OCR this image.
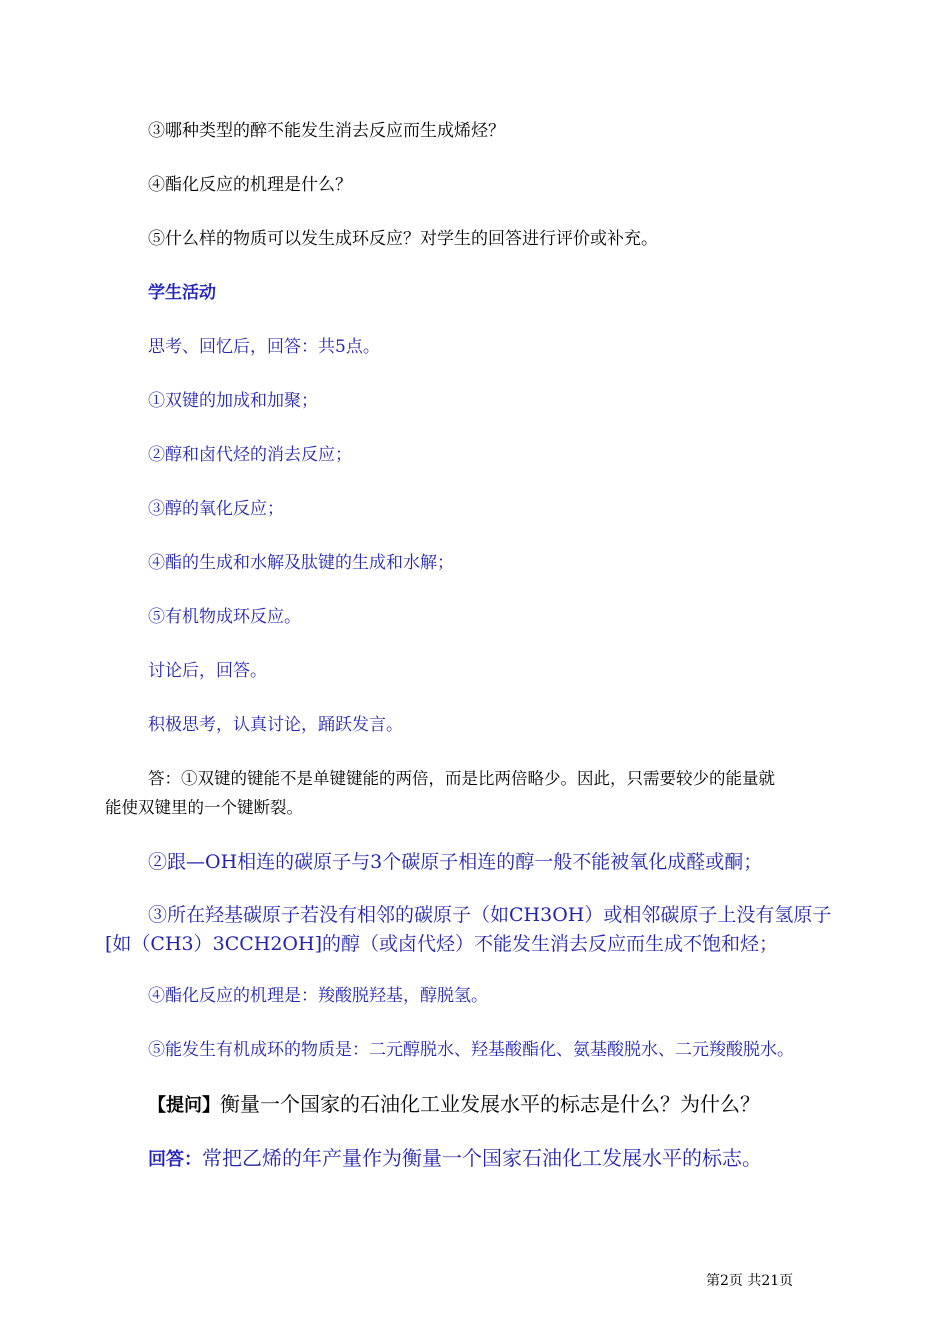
③哪种类型的醉不能发生消去反应而生成烯烃？
④酯化反应的机理是什么？
⑤什么样的物质可以发生成环反应？对学生的回答进行评价或补充。
学生活动
思考、回忆后，回答：共5点。
①双键的加成和加聚；
②醇和卤代烃的消去反应；
③醇的氧化反应；
④酯的生成和水解及肽键的生成和水解；
⑤有机物成环反应。
讨论后，回答。
积极思考，认真讨论，踊跃发言。
答：①双键的键能不是单键键能的两倍，而是比两倍略少。因此，只需要较少的能量就
能使双键里的一个键断裂。
②跟—OH相连的碳原子与3个碳原子相连的醇一般不能被氧化成醛或酮；
③所在羟基碳原子若没有相邻的碳原子（如CH3OH）或相邻碳原子上没有氢原子
[如（CH3）3CCH2OH]的醇（或卤代烃）不能发生消去反应而生成不饱和烃；
④酯化反应的机理是：羧酸脱羟基，醇脱氢。
⑤能发生有机成环的物质是：二元醇脱水、羟基酸酯化、氨基酸脱水、二元羧酸脱水。
【提问】衡量一个国家的石油化工业发展水平的标志是什么？为什么？
回答：常把乙烯的年产量作为衡量一个国家石油化工发展水平的标志。
第2页 共21页
